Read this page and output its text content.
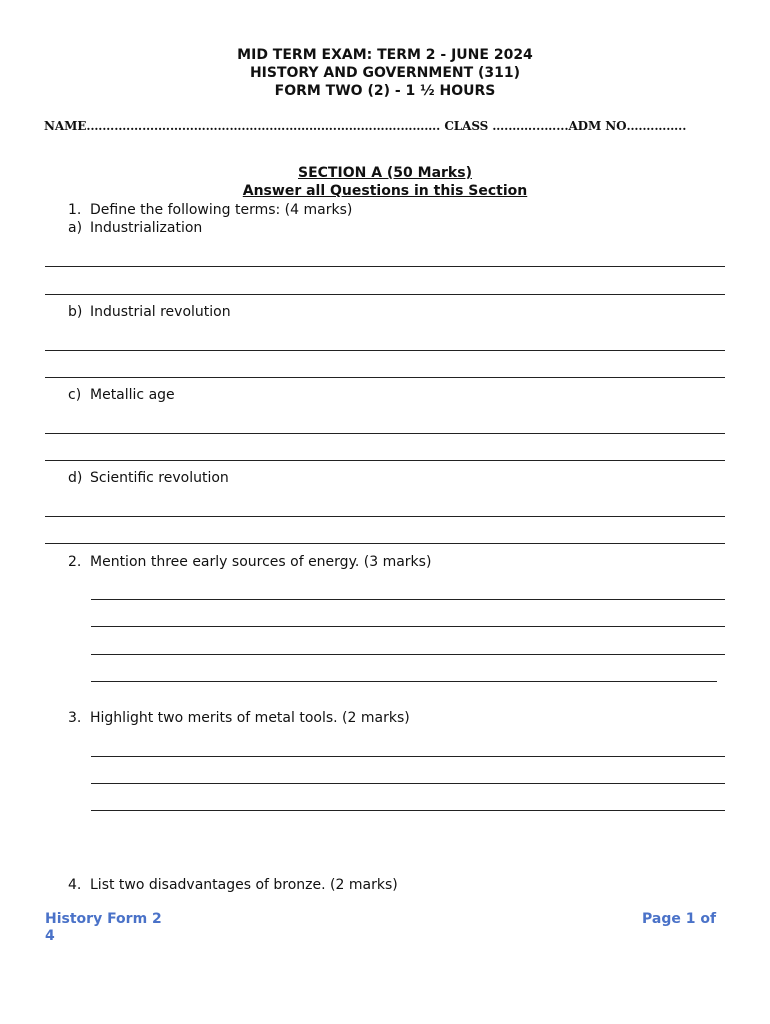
MID TERM EXAM: TERM 2 - JUNE 2024
HISTORY AND GOVERNMENT (311)
FORM TWO (2) - 1 ½ HOURS
NAME.…….……….………………….…….…………….…………….………. CLASS ….……...…...ADM NO….………..
SECTION A (50 Marks)
Answer all Questions in this Section
1. Define the following terms: (4 marks)
a) Industrialization
b) Industrial revolution
c) Metallic age
d) Scientific revolution
2. Mention three early sources of energy. (3 marks)
3. Highlight two merits of metal tools. (2 marks)
4. List two disadvantages of bronze. (2 marks)
History Form 2
4
Page 1 of
